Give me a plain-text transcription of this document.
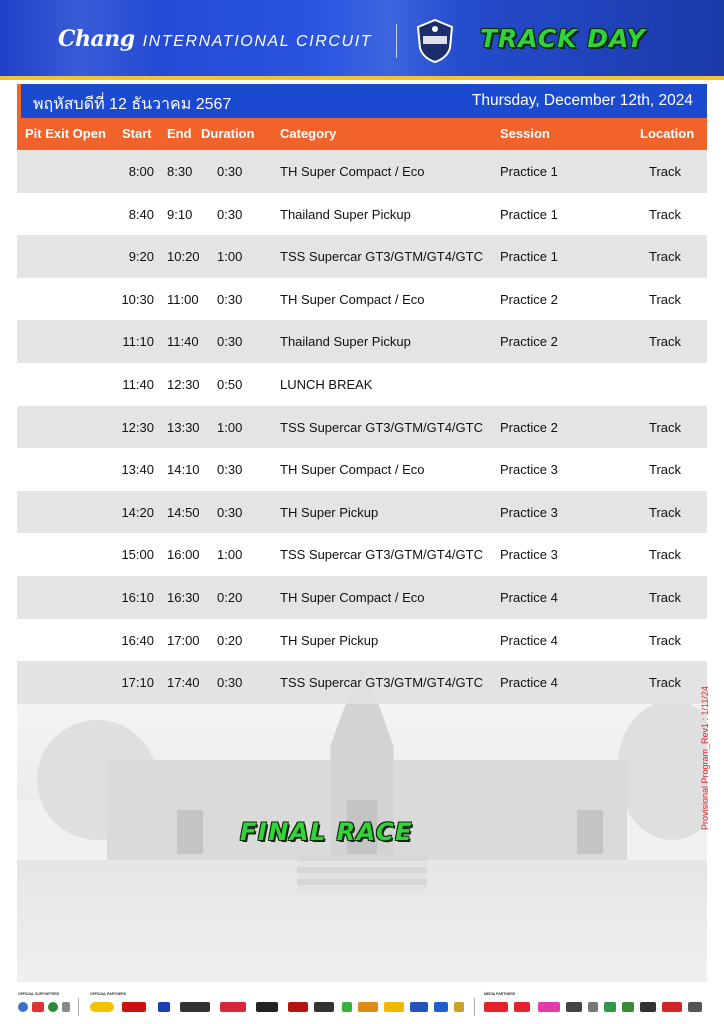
Chang INTERNATIONAL CIRCUIT	TRACK DAY
พฤหัสบดีที่ 12 ธันวาคม 2567	Thursday, December 12th, 2024
Pit Exit Open Start End Duration Category	Session	Location
8:00 8:30 0:30	TH Super Compact / Eco	Practice 1	Track
8:40 9:10 0:30	Thailand Super Pickup	Practice 1	Track
9:20 10:20 1:00	TSS Supercar GT3/GTM/GT4/GTC Practice 1	Track
10:30 11:00 0:30	TH Super Compact / Eco	Practice 2	Track
11:10 11:40 0:30	Thailand Super Pickup	Practice 2	Track
11:40 12:30 0:50	LUNCH BREAK
12:30 13:30 1:00	TSS Supercar GT3/GTM/GT4/GTC Practice 2	Track
13:40 14:10 0:30	TH Super Compact / Eco	Practice 3	Track
14:20 14:50 0:30	TH Super Pickup	Practice 3	Track
15:00 16:00 1:00	TSS Supercar GT3/GTM/GT4/GTC Practice 3	Track
16:10 16:30 0:20	TH Super Compact / Eco	Practice 4	Track
16:40 17:00 0:20	TH Super Pickup	Practice 4	Track
17:10 17:40 0:30	TSS Supercar GT3/GTM/GT4/GTC Practice 4	Track
FINAL RACE
Provisional Program_Rev1 : 1/11/24
OFFICIAL SUPPORTERS	OFFICIAL PARTNERS	MEDIA PARTNERS
